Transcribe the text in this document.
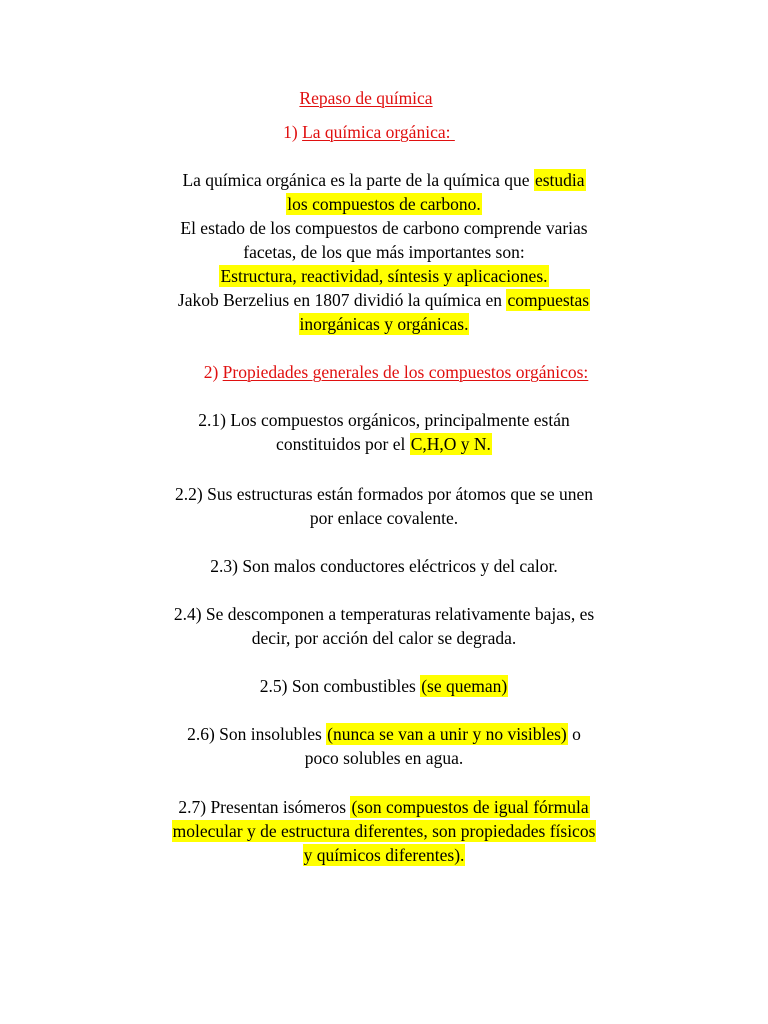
Repaso de química
1) La química orgánica:
La química orgánica es la parte de la química que estudia
los compuestos de carbono.
El estado de los compuestos de carbono comprende varias
facetas, de los que más importantes son:
Estructura, reactividad, síntesis y aplicaciones.
Jakob Berzelius en 1807 dividió la química en compuestas
inorgánicas y orgánicas.
2) Propiedades generales de los compuestos orgánicos:
2.1) Los compuestos orgánicos, principalmente están
constituidos por el C,H,O y N.
2.2) Sus estructuras están formados por átomos que se unen
por enlace covalente.
2.3) Son malos conductores eléctricos y del calor.
2.4) Se descomponen a temperaturas relativamente bajas, es
decir, por acción del calor se degrada.
2.5) Son combustibles (se queman)
2.6) Son insolubles (nunca se van a unir y no visibles) o
poco solubles en agua.
2.7) Presentan isómeros (son compuestos de igual fórmula
molecular y de estructura diferentes, son propiedades físicos
y químicos diferentes).
